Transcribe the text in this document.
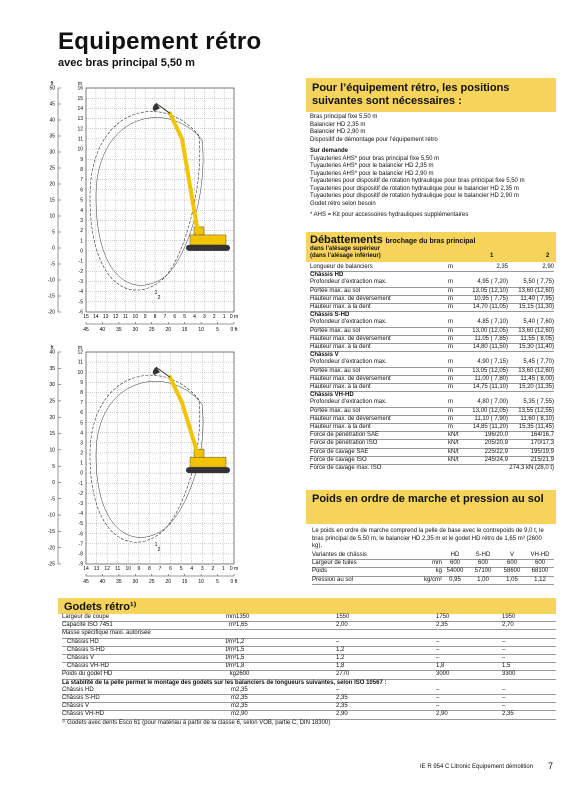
Equipement rétro
avec bras principal 5,50 m
16
15
14
13
12
11
10
9
8
7
6
5
4
3
2
1
0
-1
-2
-3
-4
-5
-6
15 14 13 12 11 10 9 8 7 6 5 4 3 2 1 0 m
50
45
40
35
30
25
20
15
10
5
0
-5
-10
-15
-20
ft	m
45 40 35 30 25 20 15 10 5 0 ft
1
2
12
11
10
9
8
7
6
5
4
3
2
1
0
-1
-2
-3
-4
-5
-6
-7
-8
-9
14 13 12 11 10 9 8 7 6 5 4 3 2 1 0 m
40
35
30
25
20
15
10
5
0
-5
-10
-15
-20
-25
ft	m
45 40 35 30 25 20 15 10 5 0 ft
1
2
Pour l’équipement rétro, les positions suivantes sont nécessaires :
Bras principal fixe 5,50 m
Balancier HD 2,35 m
Balancier HD 2,90 m
Dispositif de démontage pour l’équipement rétro
Sur demande
Tuyauteries AHS* pour bras principal fixe 5,50 m
Tuyauteries AHS* pour le balancier HD 2,35 m
Tuyauteries AHS* pour le balancier HD 2,90 m
Tuyauteries pour dispositif de rotation hydraulique pour bras principal fixe 5,50 m
Tuyauteries pour dispositif de rotation hydraulique pour le balancier HD 2,35 m
Tuyauteries pour dispositif de rotation hydraulique pour le balancier HD 2,90 m
Godet rétro selon besoin
* AHS = Kit pour accessoires hydrauliques supplémentaires
Débattements brochage du bras principal
dans l’alésage supérieur
(dans l’alésage inférieur)	1	2
Longueur de balanciers	m	2,35	2,90
Châssis HD			
Profondeur d’extraction max.	m	4,95 ( 7,20)	5,50 ( 7,75)
Portée max. au sol	m	13,05 (12,10)	13,60 (12,60)
Hauteur max. de déversement	m	10,95 ( 7,75)	11,40 ( 7,95)
Hauteur max. à la dent	m	14,70 (11,05)	15,15 (11,30)
Châssis S-HD			
Profondeur d’extraction max.	m	4,85 ( 7,10)	5,40 ( 7,60)
Portée max. au sol	m	13,00 (12,05)	13,60 (12,60)
Hauteur max. de déversement	m	11,05 ( 7,85)	11,55 ( 8,05)
Hauteur max. à la dent	m	14,80 (11,50)	15,30 (11,40)
Châssis V			
Profondeur d’extraction max.	m	4,90 ( 7,15)	5,45 ( 7,70)
Portée max. au sol	m	13,05 (12,05)	13,60 (12,60)
Hauteur max. de déversement	m	11,00 ( 7,80)	11,45 ( 8,00)
Hauteur max. à la dent	m	14,75 (11,10)	15,20 (11,35)
Châssis VH-HD			
Profondeur d’extraction max.	m	4,80 ( 7,00)	5,35 ( 7,55)
Portée max. au sol	m	13,00 (12,05)	13,55 (12,55)
Hauteur max. de déversement	m	11,10 ( 7,90)	11,60 ( 8,10)
Hauteur max. à la dent	m	14,85 (11,20)	15,35 (11,45)

Force de pénétration SAE	kN/t	196/20,0	164/16,7
Force de pénétration ISO	kN/t	205/20,9	170/17,3
Force de cavage SAE	kN/t	225/22,9	195/19,9
Force de cavage ISO	kN/t	245/24,9	215/21,9

Force de cavage max. ISO	274,3 kN (28,0 t)		
Poids en ordre de marche et pression au sol
Le poids en ordre de marche comprend la pelle de base avec le contrepoids de 9,0 t, le bras principal de 5,50 m, le balancier HD 2,35 m et le godet HD rétro de 1,65 m³ (2600 kg).
Variantes de châssis		HD	S-HD	V	VH-HD
Largeur de tuiles	mm	600	600	600	600
Poids	kg	54000	57100	58600	68100
Pression au sol	kg/cm²	0,95	1,00	1,05	1,12
Godets rétro¹⁾
Largeur de coupe	mm	1350	1550	1750	1950
Capacité ISO 7451	m³	1,65	2,00	2,35	2,70
Masse spécifique maxi. autorisée					
Châssis HD	t/m³	1,2	–	–	–
Châssis S-HD	t/m³	1,5	1,2	–	–
Châssis V	t/m³	1,5	1,2	–	–
Châssis VH-HD	t/m³	1,8	1,8	1,8	1,5
Poids du godet HD	kg	2600	2770	3000	3300
La stabilité de la pelle permet le montage des godets sur les balanciers de longueurs suivantes, selon ISO 10567 :					
Châssis HD	m	2,35	–	–	–
Châssis S-HD	m	2,35	2,35	–	–
Châssis V	m	2,35	2,35	–	–
Châssis VH-HD	m	2,90	2,90	2,90	2,35
¹⁾ Godets avec dents Esco 61 (pour matériau à partir de la classe 6, selon VOB, partie C, DIN 18300)
IE R 954 C Litronic Equipement démolition 7
